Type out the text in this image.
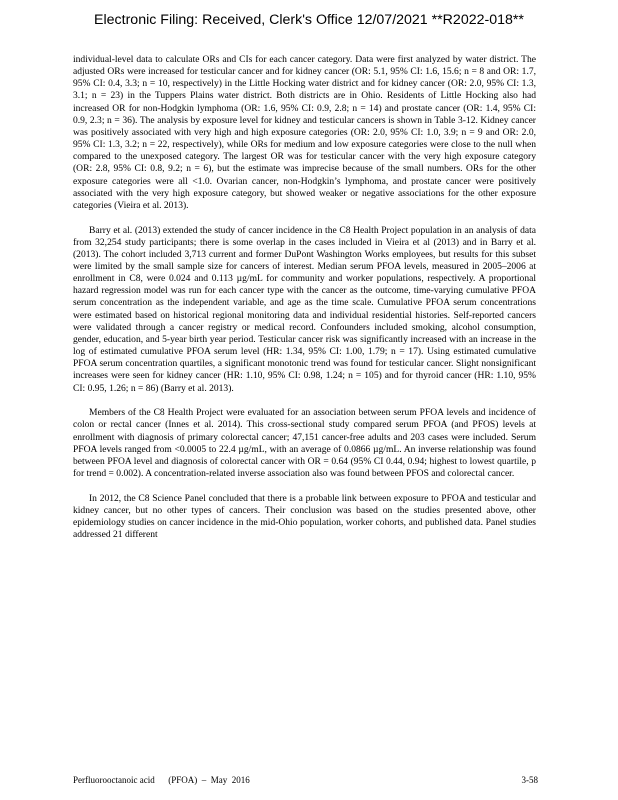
Electronic Filing: Received, Clerk's Office 12/07/2021 **R2022-018**

individual-level data to calculate ORs and CIs for each cancer category. Data were first analyzed by water district. The adjusted ORs were increased for testicular cancer and for kidney cancer (OR: 5.1, 95% CI: 1.6, 15.6; n = 8 and OR: 1.7, 95% CI: 0.4, 3.3; n = 10, respectively) in the Little Hocking water district and for kidney cancer (OR: 2.0, 95% CI: 1.3, 3.1; n = 23) in the Tuppers Plains water district. Both districts are in Ohio. Residents of Little Hocking also had increased OR for non-Hodgkin lymphoma (OR: 1.6, 95% CI: 0.9, 2.8; n = 14) and prostate cancer (OR: 1.4, 95% CI: 0.9, 2.3; n = 36). The analysis by exposure level for kidney and testicular cancers is shown in Table 3-12. Kidney cancer was positively associated with very high and high exposure categories (OR: 2.0, 95% CI: 1.0, 3.9; n = 9 and OR: 2.0, 95% CI: 1.3, 3.2; n = 22, respectively), while ORs for medium and low exposure categories were close to the null when compared to the unexposed category. The largest OR was for testicular cancer with the very high exposure category (OR: 2.8, 95% CI: 0.8, 9.2; n = 6), but the estimate was imprecise because of the small numbers. ORs for the other exposure categories were all <1.0. Ovarian cancer, non-Hodgkin’s lymphoma, and prostate cancer were positively associated with the very high exposure category, but showed weaker or negative associations for the other exposure categories (Vieira et al. 2013).

Barry et al. (2013) extended the study of cancer incidence in the C8 Health Project population in an analysis of data from 32,254 study participants; there is some overlap in the cases included in Vieira et al (2013) and in Barry et al. (2013). The cohort included 3,713 current and former DuPont Washington Works employees, but results for this subset were limited by the small sample size for cancers of interest. Median serum PFOA levels, measured in 2005–2006 at enrollment in C8, were 0.024 and 0.113 µg/mL for community and worker populations, respectively. A proportional hazard regression model was run for each cancer type with the cancer as the outcome, time-varying cumulative PFOA serum concentration as the independent variable, and age as the time scale. Cumulative PFOA serum concentrations were estimated based on historical regional monitoring data and individual residential histories. Self-reported cancers were validated through a cancer registry or medical record. Confounders included smoking, alcohol consumption, gender, education, and 5-year birth year period. Testicular cancer risk was significantly increased with an increase in the log of estimated cumulative PFOA serum level (HR: 1.34, 95% CI: 1.00, 1.79; n = 17). Using estimated cumulative PFOA serum concentration quartiles, a significant monotonic trend was found for testicular cancer. Slight nonsignificant increases were seen for kidney cancer (HR: 1.10, 95% CI: 0.98, 1.24; n = 105) and for thyroid cancer (HR: 1.10, 95% CI: 0.95, 1.26; n = 86) (Barry et al. 2013).

Members of the C8 Health Project were evaluated for an association between serum PFOA levels and incidence of colon or rectal cancer (Innes et al. 2014). This cross-sectional study compared serum PFOA (and PFOS) levels at enrollment with diagnosis of primary colorectal cancer; 47,151 cancer-free adults and 203 cases were included. Serum PFOA levels ranged from <0.0005 to 22.4 µg/mL, with an average of 0.0866 µg/mL. An inverse relationship was found between PFOA level and diagnosis of colorectal cancer with OR = 0.64 (95% CI 0.44, 0.94; highest to lowest quartile, p for trend = 0.002). A concentration-related inverse association also was found between PFOS and colorectal cancer.

In 2012, the C8 Science Panel concluded that there is a probable link between exposure to PFOA and testicular and kidney cancer, but no other types of cancers. Their conclusion was based on the studies presented above, other epidemiology studies on cancer incidence in the mid-Ohio population, worker cohorts, and published data. Panel studies addressed 21 different

Perfluorooctanoic acid      (PFOA)  –  May  2016	3-58
